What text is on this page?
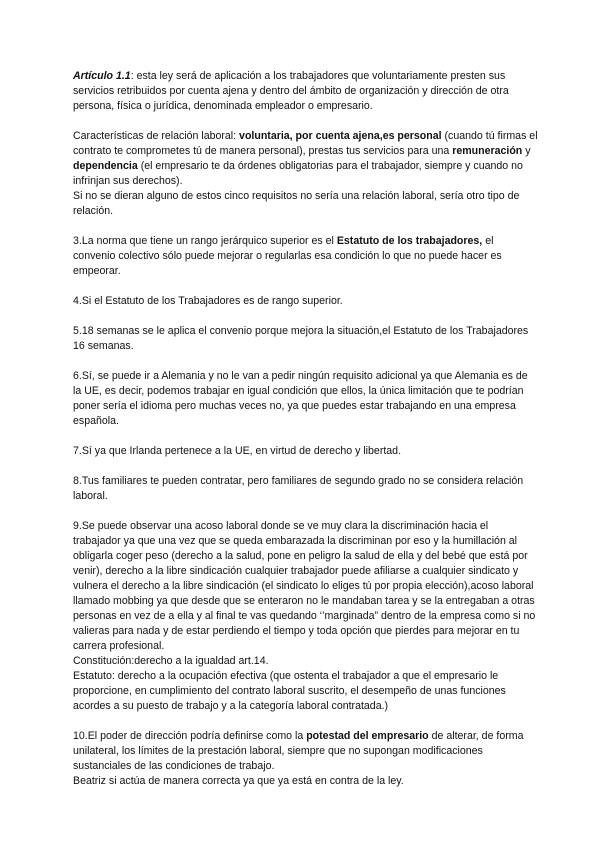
Artículo 1.1: esta ley será de aplicación a los trabajadores que voluntariamente presten sus servicios retribuidos por cuenta ajena y dentro del ámbito de organización y dirección de otra persona, física o jurídica, denominada empleador o empresario.

Características de relación laboral: voluntaria, por cuenta ajena,es personal (cuando tú firmas el contrato te comprometes tú de manera personal), prestas tus servicios para una remuneración y dependencia (el empresario te da órdenes obligatorias para el trabajador, siempre y cuando no infrinjan sus derechos).

Si no se dieran alguno de estos cinco requisitos no sería una relación laboral, sería otro tipo de relación.

3.La norma que tiene un rango jerárquico superior es el Estatuto de los trabajadores, el convenio colectivo sólo puede mejorar o regularlas esa condición lo que no puede hacer es empeorar.

4.Si el Estatuto de los Trabajadores es de rango superior.

5.18 semanas se le aplica el convenio porque mejora la situación,el Estatuto de los Trabajadores 16 semanas.

6.Sí, se puede ir a Alemania y no le van a pedir ningún requisito adicional ya que Alemania es de la UE, es decir, podemos trabajar en igual condición que ellos, la única limitación que te podrían poner sería el idioma pero muchas veces no, ya que puedes estar trabajando en una empresa española.

7.Sí ya que Irlanda pertenece a la UE, en virtud de derecho y libertad.

8.Tus familiares te pueden contratar, pero familiares de segundo grado no se considera relación laboral.

9.Se puede observar una acoso laboral donde se ve muy clara la discriminación hacia el trabajador ya que una vez que se queda embarazada la discriminan por eso y la humillación al obligarla coger peso (derecho a la salud, pone en peligro la salud de ella y del bebé que está por venir), derecho a la libre sindicación cualquier trabajador puede afiliarse a cualquier sindicato y vulnera el derecho a la libre sindicación (el sindicato lo eliges tú por propia elección),acoso laboral llamado mobbing ya que desde que se enteraron no le mandaban tarea y se la entregaban a otras personas en vez de a ella y al final te vas quedando ‘’marginada” dentro de la empresa como si no valieras para nada y de estar perdiendo el tiempo y toda opción que pierdes para mejorar en tu carrera profesional.

Constitución:derecho a la igualdad art.14.

Estatuto: derecho a la ocupación efectiva (que ostenta el trabajador a que el empresario le proporcione, en cumplimiento del contrato laboral suscrito, el desempeño de unas funciones acordes a su puesto de trabajo y a la categoría laboral contratada.)

10.El poder de dirección podría definirse como la potestad del empresario de alterar, de forma unilateral, los límites de la prestación laboral, siempre que no supongan modificaciones sustanciales de las condiciones de trabajo.

Beatriz si actúa de manera correcta ya que ya está en contra de la ley.
